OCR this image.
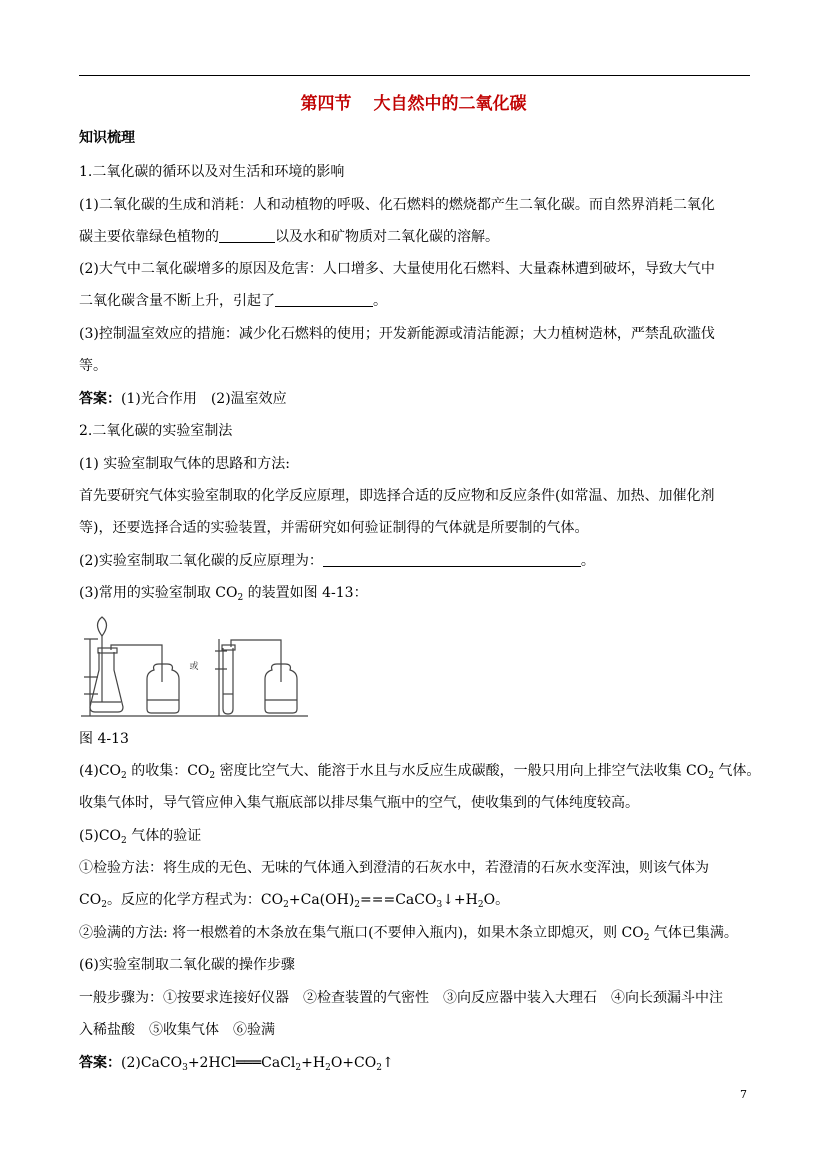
第四节 大自然中的二氧化碳
知识梳理
1.二氧化碳的循环以及对生活和环境的影响
(1)二氧化碳的生成和消耗：人和动植物的呼吸、化石燃料的燃烧都产生二氧化碳。而自然界消耗二氧化
碳主要依靠绿色植物的	以及水和矿物质对二氧化碳的溶解。
(2)大气中二氧化碳增多的原因及危害：人口增多、大量使用化石燃料、大量森林遭到破坏，导致大气中
二氧化碳含量不断上升，引起了	。
(3)控制温室效应的措施：减少化石燃料的使用；开发新能源或清洁能源；大力植树造林，严禁乱砍滥伐
等。
答案：(1)光合作用　(2)温室效应
2.二氧化碳的实验室制法
(1) 实验室制取气体的思路和方法:
首先要研究气体实验室制取的化学反应原理，即选择合适的反应物和反应条件(如常温、加热、加催化剂
等)，还要选择合适的实验装置，并需研究如何验证制得的气体就是所要制的气体。
(2)实验室制取二氧化碳的反应原理为：	。
(3)常用的实验室制取 $CO_2$ 的装置如图 4-13：
或
图 4-13
$(4)CO_2$ 的收集：$CO_2$ 密度比空气大、能溶于水且与水反应生成碳酸，一般只用向上排空气法收集 $CO_2$ 气体。
收集气体时，导气管应伸入集气瓶底部以排尽集气瓶中的空气，使收集到的气体纯度较高。
$(5)CO_2$ 气体的验证
①检验方法：将生成的无色、无味的气体通入到澄清的石灰水中，若澄清的石灰水变浑浊，则该气体为
$CO_2$。反应的化学方程式为：$CO_2+Ca(OH)_2===CaCO_3↓+H_2O$。
②验满的方法: 将一根燃着的木条放在集气瓶口(不要伸入瓶内)，如果木条立即熄灭，则 $CO_2$ 气体已集满。
(6)实验室制取二氧化碳的操作步骤
一般步骤为：①按要求连接好仪器　②检查装置的气密性　③向反应器中装入大理石　④向长颈漏斗中注
入稀盐酸　⑤收集气体　⑥验满
答案：$(2)CaCO_3+2HCl═══CaCl_2+H_2O+CO_2↑$
7
